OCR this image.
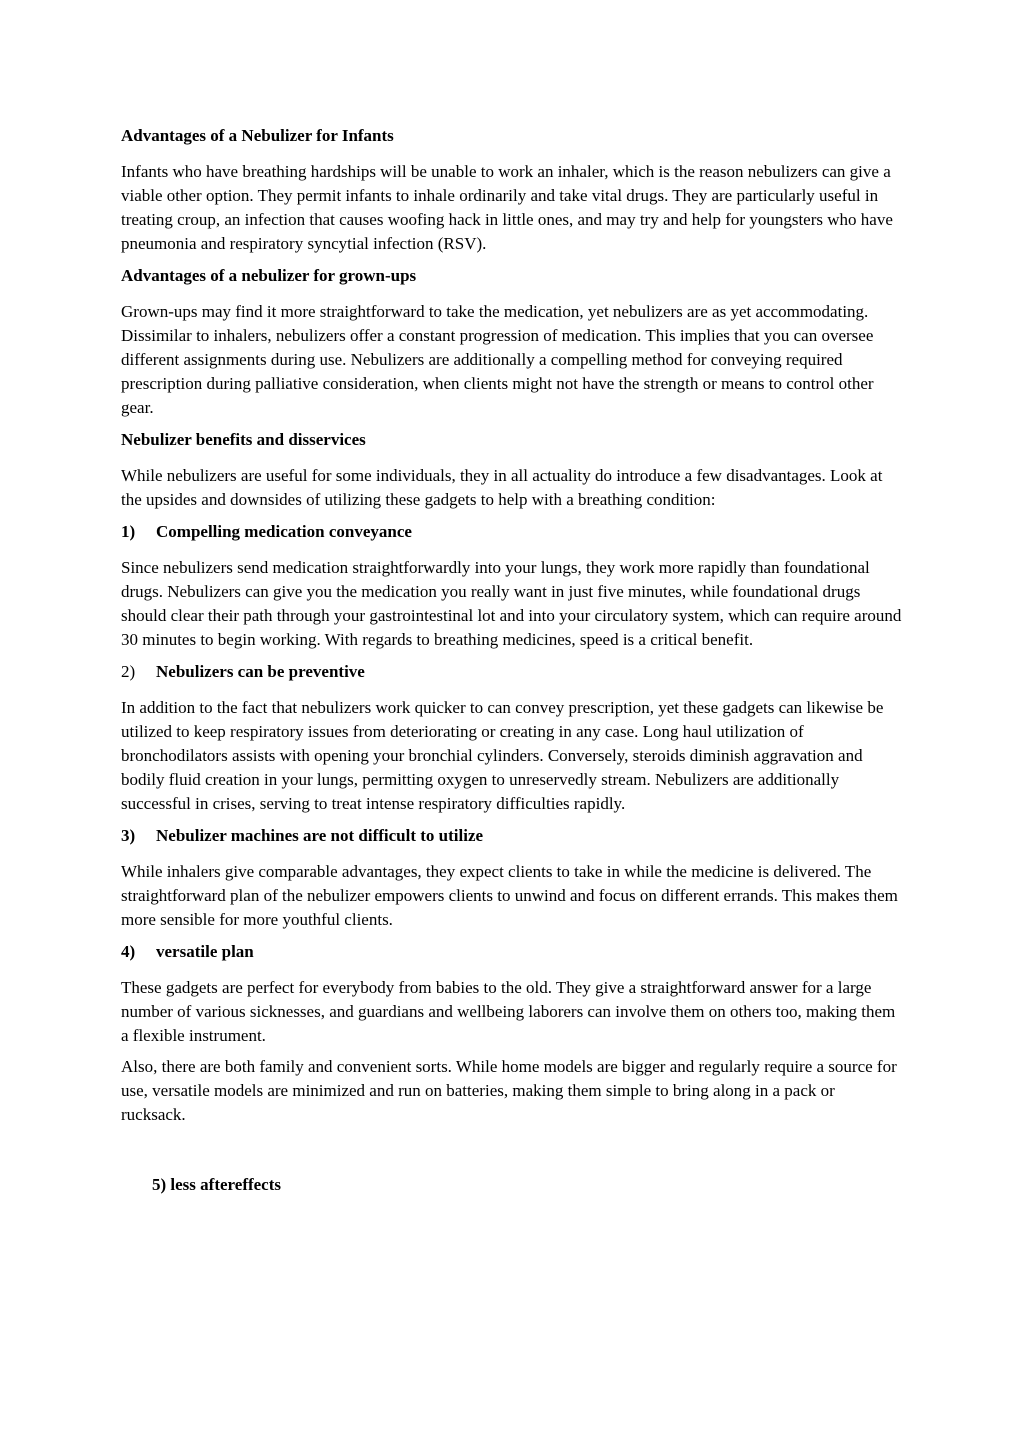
Advantages of a Nebulizer for Infants

Infants who have breathing hardships will be unable to work an inhaler, which is the reason nebulizers can give a viable other option. They permit infants to inhale ordinarily and take vital drugs. They are particularly useful in treating croup, an infection that causes woofing hack in little ones, and may try and help for youngsters who have pneumonia and respiratory syncytial infection (RSV).

Advantages of a nebulizer for grown-ups

Grown-ups may find it more straightforward to take the medication, yet nebulizers are as yet accommodating. Dissimilar to inhalers, nebulizers offer a constant progression of medication. This implies that you can oversee different assignments during use. Nebulizers are additionally a compelling method for conveying required prescription during palliative consideration, when clients might not have the strength or means to control other gear.

Nebulizer benefits and disservices

While nebulizers are useful for some individuals, they in all actuality do introduce a few disadvantages. Look at the upsides and downsides of utilizing these gadgets to help with a breathing condition:

1)	Compelling medication conveyance

Since nebulizers send medication straightforwardly into your lungs, they work more rapidly than foundational drugs. Nebulizers can give you the medication you really want in just five minutes, while foundational drugs should clear their path through your gastrointestinal lot and into your circulatory system, which can require around 30 minutes to begin working. With regards to breathing medicines, speed is a critical benefit.

2)	Nebulizers can be preventive

In addition to the fact that nebulizers work quicker to can convey prescription, yet these gadgets can likewise be utilized to keep respiratory issues from deteriorating or creating in any case. Long haul utilization of bronchodilators assists with opening your bronchial cylinders. Conversely, steroids diminish aggravation and bodily fluid creation in your lungs, permitting oxygen to unreservedly stream. Nebulizers are additionally successful in crises, serving to treat intense respiratory difficulties rapidly.

3)	Nebulizer machines are not difficult to utilize

While inhalers give comparable advantages, they expect clients to take in while the medicine is delivered. The straightforward plan of the nebulizer empowers clients to unwind and focus on different errands. This makes them more sensible for more youthful clients.

4)	versatile plan

These gadgets are perfect for everybody from babies to the old. They give a straightforward answer for a large number of various sicknesses, and guardians and wellbeing laborers can involve them on others too, making them a flexible instrument.

Also, there are both family and convenient sorts. While home models are bigger and regularly require a source for use, versatile models are minimized and run on batteries, making them simple to bring along in a pack or rucksack.

5) less aftereffects
